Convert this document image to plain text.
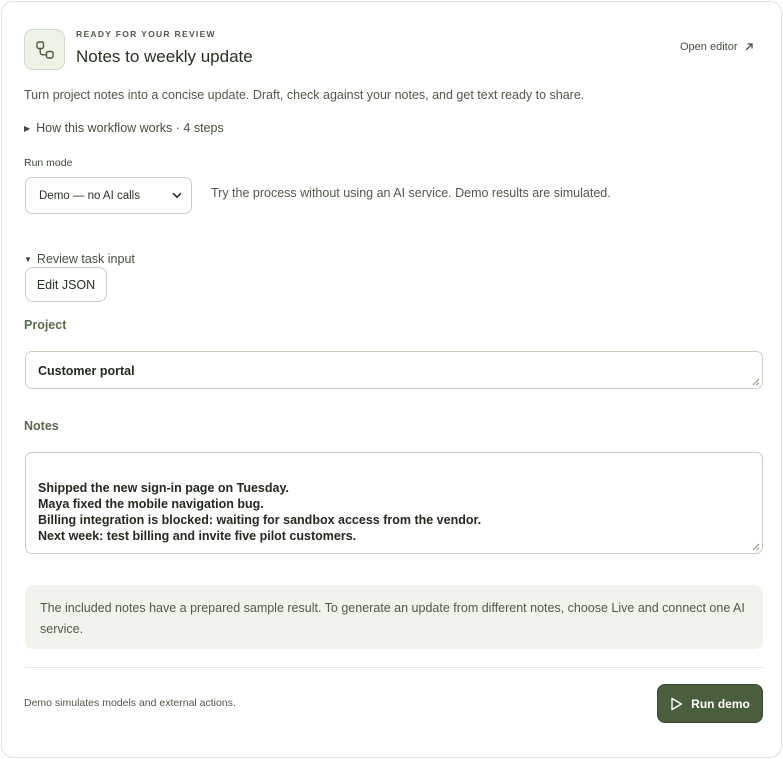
READY FOR YOUR REVIEW
Notes to weekly update	Open editor
Turn project notes into a concise update. Draft, check against your notes, and get text ready to share.
▶ How this workflow works · 4 steps
Run mode
Demo — no AI calls	Try the process without using an AI service. Demo results are simulated.
▼ Review task input
Edit JSON
Project
Customer portal
Notes

Shipped the new sign-in page on Tuesday.
Maya fixed the mobile navigation bug.
Billing integration is blocked: waiting for sandbox access from the vendor.
Next week: test billing and invite five pilot customers.

The included notes have a prepared sample result. To generate an update from different notes, choose Live and connect one AI service.
Demo simulates models and external actions.	Run demo
